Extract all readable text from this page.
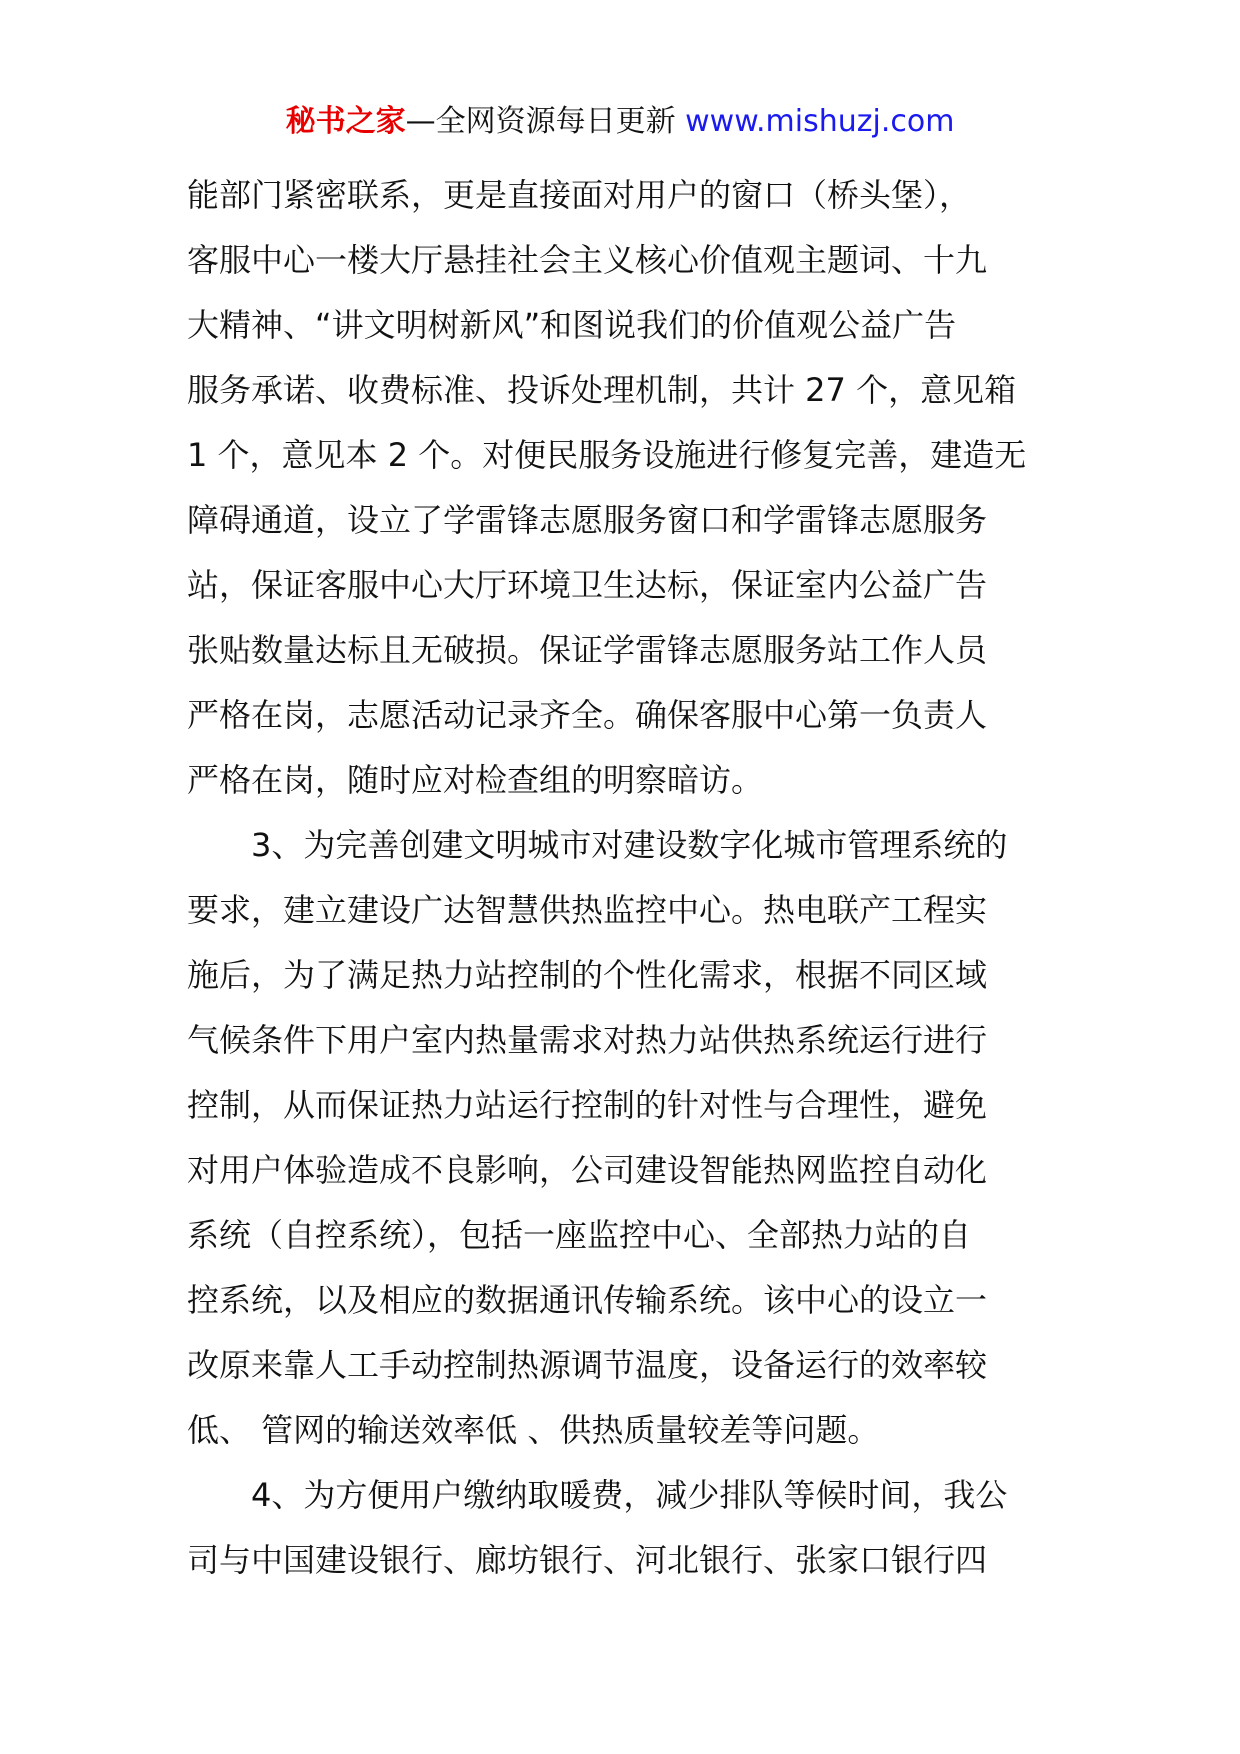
秘书之家—全网资源每日更新 www.mishuzj.com
能部门紧密联系，更是直接面对用户的窗口（桥头堡），
客服中心一楼大厅悬挂社会主义核心价值观主题词、十九
大精神、“讲文明树新风”和图说我们的价值观公益广告
服务承诺、收费标准、投诉处理机制，共计 27 个，意见箱
1 个，意见本 2 个。对便民服务设施进行修复完善，建造无
障碍通道，设立了学雷锋志愿服务窗口和学雷锋志愿服务
站，保证客服中心大厅环境卫生达标，保证室内公益广告
张贴数量达标且无破损。保证学雷锋志愿服务站工作人员
严格在岗，志愿活动记录齐全。确保客服中心第一负责人
严格在岗，随时应对检查组的明察暗访。
3、为完善创建文明城市对建设数字化城市管理系统的
要求，建立建设广达智慧供热监控中心。热电联产工程实
施后，为了满足热力站控制的个性化需求，根据不同区域
气候条件下用户室内热量需求对热力站供热系统运行进行
控制，从而保证热力站运行控制的针对性与合理性，避免
对用户体验造成不良影响，公司建设智能热网监控自动化
系统（自控系统），包括一座监控中心、全部热力站的自
控系统，以及相应的数据通讯传输系统。该中心的设立一
改原来靠人工手动控制热源调节温度，设备运行的效率较
低、 管网的输送效率低 、供热质量较差等问题。
4、为方便用户缴纳取暖费，减少排队等候时间，我公
司与中国建设银行、廊坊银行、河北银行、张家口银行四
